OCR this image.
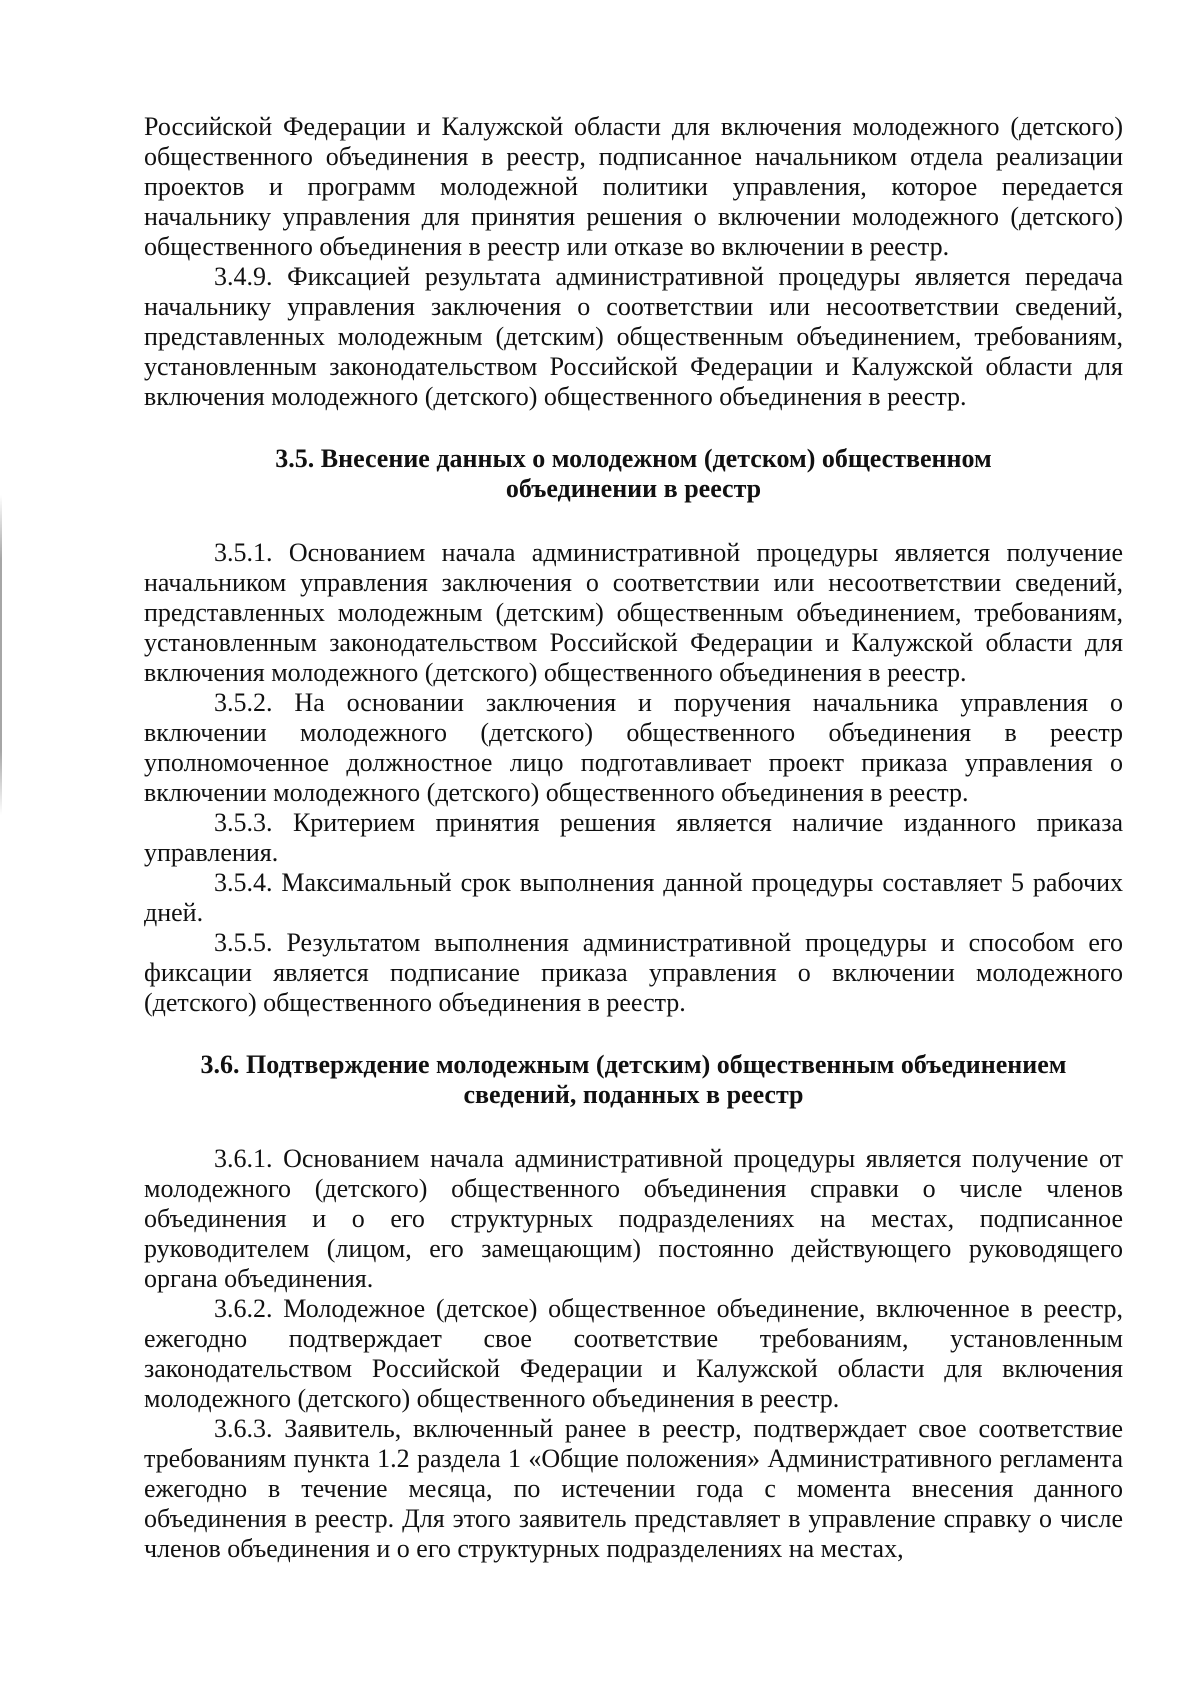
Российской Федерации и Калужской области для включения молодежного (детского) общественного объединения в реестр, подписанное начальником отдела реализации проектов и программ молодежной политики управления, которое передается начальнику управления для принятия решения о включении молодежного (детского) общественного объединения в реестр или отказе во включении в реестр.

3.4.9. Фиксацией результата административной процедуры является передача начальнику управления заключения о соответствии или несоответствии сведений, представленных молодежным (детским) общественным объединением, требованиям, установленным законодательством Российской Федерации и Калужской области для включения молодежного (детского) общественного объединения в реестр.

3.5. Внесение данных о молодежном (детском) общественном
объединении в реестр

3.5.1. Основанием начала административной процедуры является получение начальником управления заключения о соответствии или несоответствии сведений, представленных молодежным (детским) общественным объединением, требованиям, установленным законодательством Российской Федерации и Калужской области для включения молодежного (детского) общественного объединения в реестр.

3.5.2. На основании заключения и поручения начальника управления о включении молодежного (детского) общественного объединения в реестр уполномоченное должностное лицо подготавливает проект приказа управления о включении молодежного (детского) общественного объединения в реестр.

3.5.3. Критерием принятия решения является наличие изданного приказа управления.

3.5.4. Максимальный срок выполнения данной процедуры составляет 5 рабочих дней.

3.5.5. Результатом выполнения административной процедуры и способом его фиксации является подписание приказа управления о включении молодежного (детского) общественного объединения в реестр.

3.6. Подтверждение молодежным (детским) общественным объединением
сведений, поданных в реестр

3.6.1. Основанием начала административной процедуры является получение от молодежного (детского) общественного объединения справки о числе членов объединения и о его структурных подразделениях на местах, подписанное руководителем (лицом, его замещающим) постоянно действующего руководящего органа объединения.

3.6.2. Молодежное (детское) общественное объединение, включенное в реестр, ежегодно подтверждает свое соответствие требованиям, установленным законодательством Российской Федерации и Калужской области для включения молодежного (детского) общественного объединения в реестр.

3.6.3. Заявитель, включенный ранее в реестр, подтверждает свое соответствие требованиям пункта 1.2 раздела 1 «Общие положения» Административного регламента ежегодно в течение месяца, по истечении года с момента внесения данного объединения в реестр. Для этого заявитель представляет в управление справку о числе членов объединения и о его структурных подразделениях на местах,
